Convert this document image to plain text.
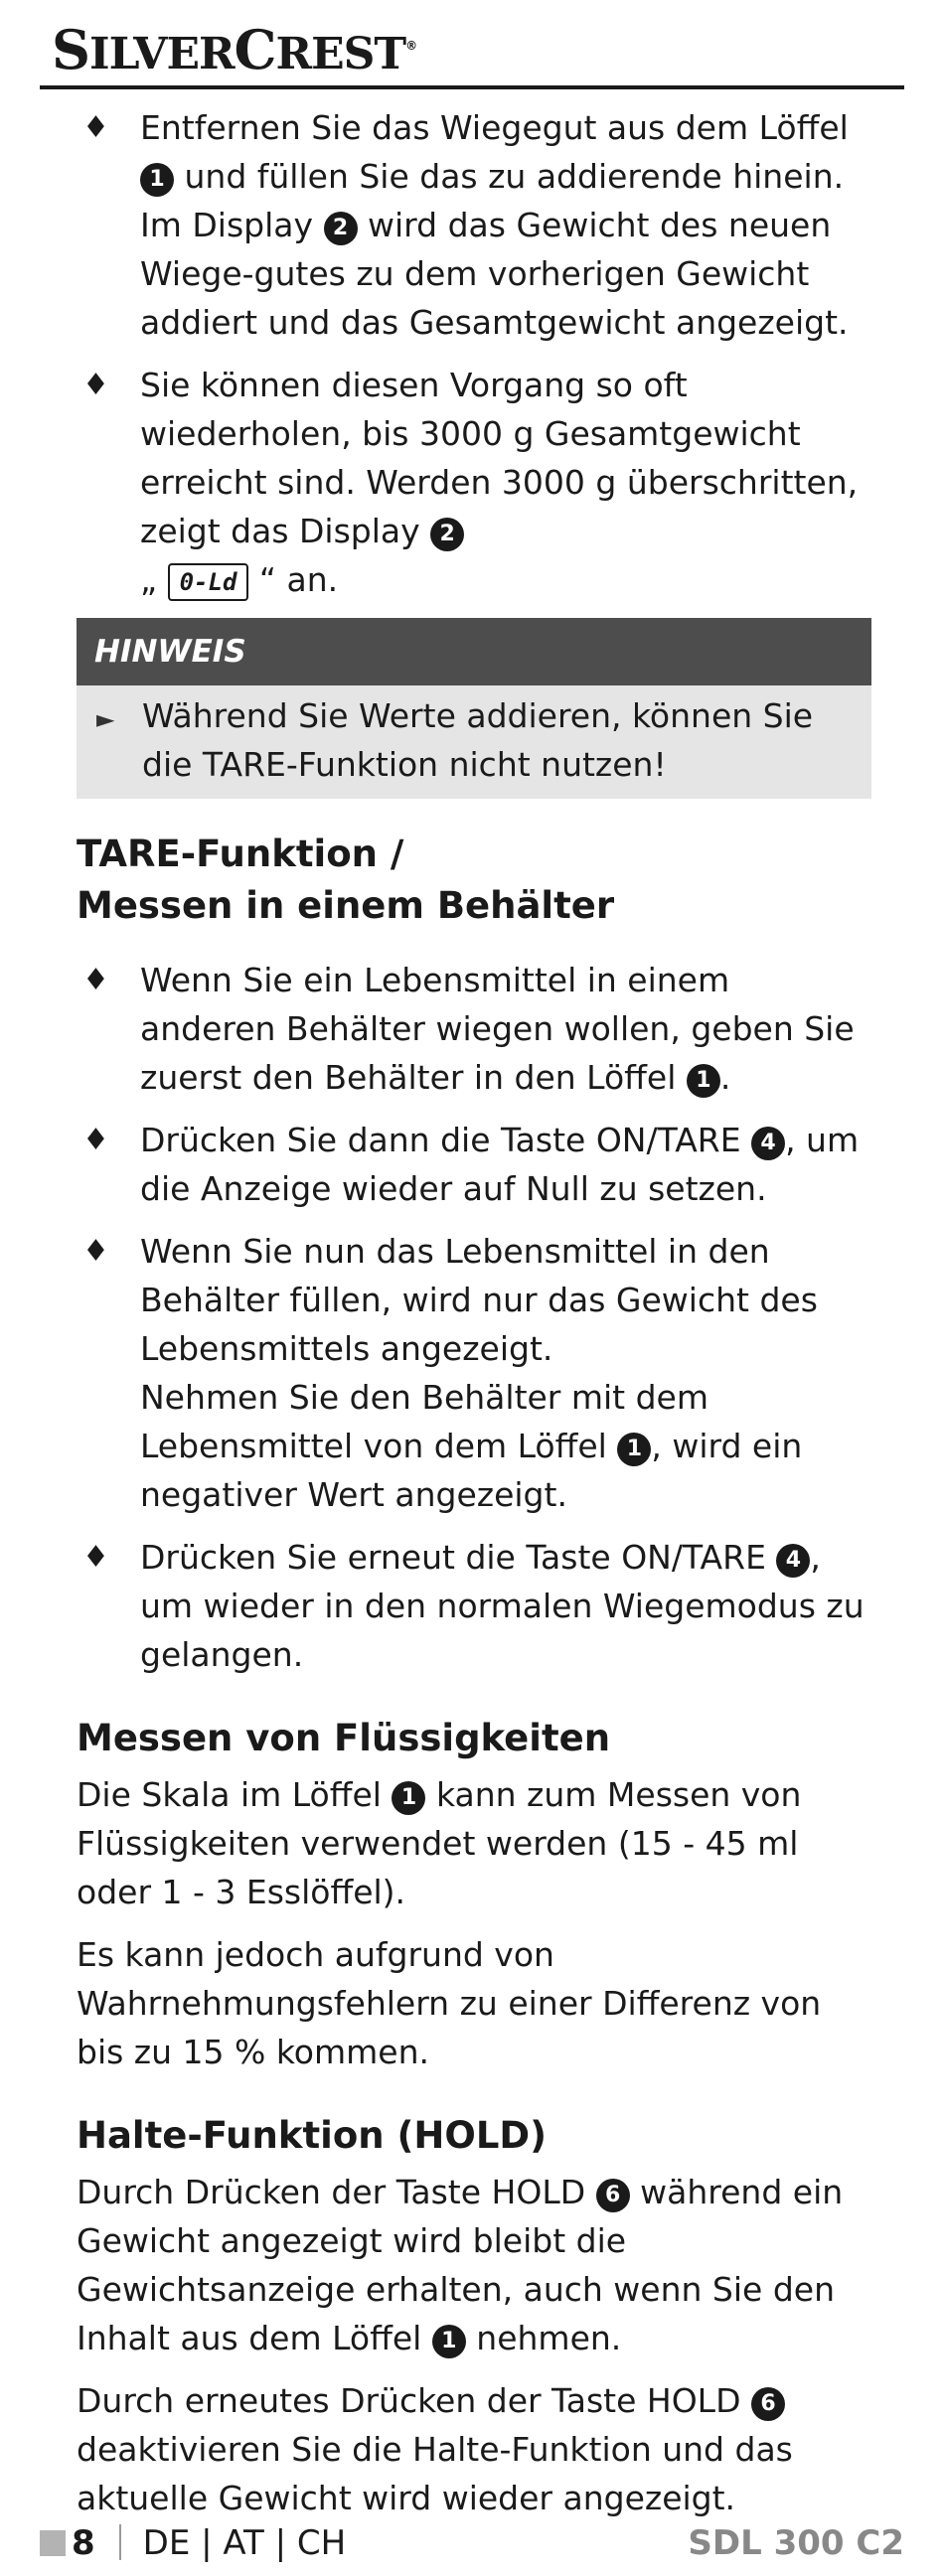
SILVERCREST®
♦ Entfernen Sie das Wiegegut aus dem Löffel 1 und füllen Sie das zu addierende hinein. Im Display 2 wird das Gewicht des neuen Wiege-gutes zu dem vorherigen Gewicht addiert und das Gesamtgewicht angezeigt.
♦ Sie können diesen Vorgang so oft wiederholen, bis 3000 g Gesamtgewicht erreicht sind. Werden 3000 g überschritten, zeigt das Display 2
„ 0-Ld “ an.
HINWEIS
► Während Sie Werte addieren, können Sie die TARE-Funktion nicht nutzen!
TARE-Funktion /
Messen in einem Behälter
♦ Wenn Sie ein Lebensmittel in einem anderen Behälter wiegen wollen, geben Sie zuerst den Behälter in den Löffel 1 .
♦ Drücken Sie dann die Taste ON/TARE 4 , um die Anzeige wieder auf Null zu setzen.
♦ Wenn Sie nun das Lebensmittel in den Behälter füllen, wird nur das Gewicht des Lebensmittels angezeigt.
Nehmen Sie den Behälter mit dem Lebensmittel von dem Löffel 1 , wird ein negativer Wert angezeigt.
♦ Drücken Sie erneut die Taste ON/TARE 4 , um wieder in den normalen Wiegemodus zu gelangen.
Messen von Flüssigkeiten
Die Skala im Löffel 1 kann zum Messen von Flüssigkeiten verwendet werden (15 - 45 ml oder 1 - 3 Esslöffel).
Es kann jedoch aufgrund von Wahrnehmungsfehlern zu einer Differenz von bis zu 15 % kommen.
Halte-Funktion (HOLD)
Durch Drücken der Taste HOLD 6 während ein Gewicht angezeigt wird bleibt die Gewichtsanzeige erhalten, auch wenn Sie den Inhalt aus dem Löffel 1 nehmen.
Durch erneutes Drücken der Taste HOLD 6 deaktivieren Sie die Halte-Funktion und das aktuelle Gewicht wird wieder angezeigt.
8 DE | AT | CH	SDL 300 C2
